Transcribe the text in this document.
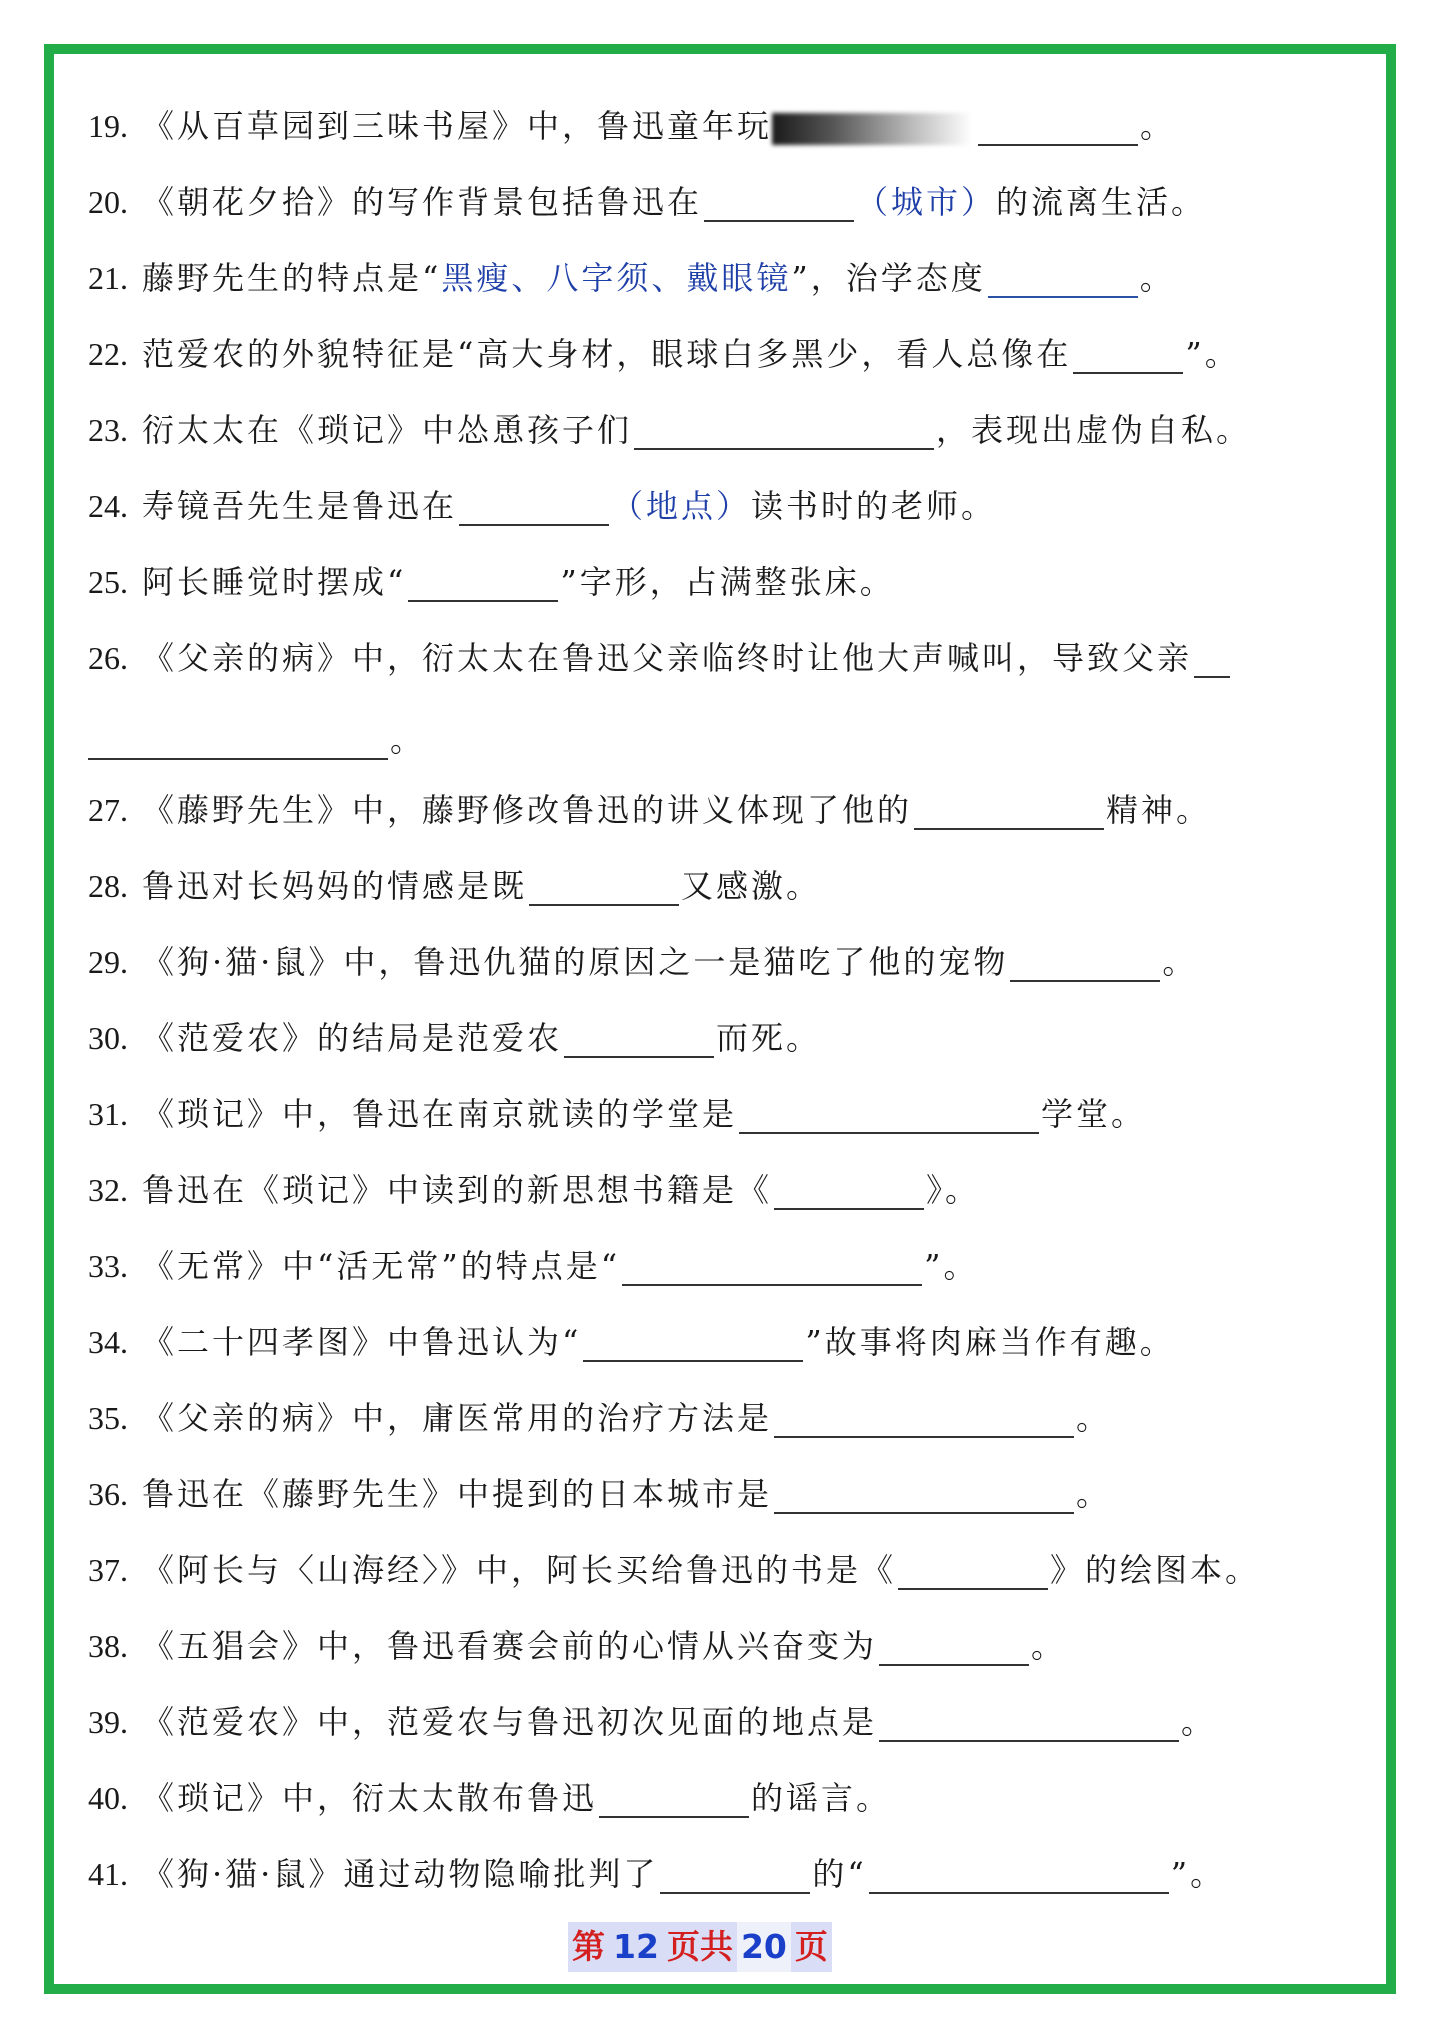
19. 《从百草园到三味书屋》中，鲁迅童年玩	。
20. 《朝花夕拾》的写作背景包括鲁迅在	（城市）的流离生活。
21. 藤野先生的特点是“黑瘦、八字须、戴眼镜”，治学态度	。
22. 范爱农的外貌特征是“高大身材，眼球白多黑少，看人总像在	”。
23. 衍太太在《琐记》中怂恿孩子们	，表现出虚伪自私。
24. 寿镜吾先生是鲁迅在	（地点）读书时的老师。
25. 阿长睡觉时摆成“	”字形，占满整张床。
26. 《父亲的病》中，衍太太在鲁迅父亲临终时让他大声喊叫，导致父亲
。
27. 《藤野先生》中，藤野修改鲁迅的讲义体现了他的	精神。
28. 鲁迅对长妈妈的情感是既	又感激。
29. 《狗·猫·鼠》中，鲁迅仇猫的原因之一是猫吃了他的宠物	。
30. 《范爱农》的结局是范爱农	而死。
31. 《琐记》中，鲁迅在南京就读的学堂是	学堂。
32. 鲁迅在《琐记》中读到的新思想书籍是《	》。
33. 《无常》中“活无常”的特点是“	”。
34. 《二十四孝图》中鲁迅认为“	”故事将肉麻当作有趣。
35. 《父亲的病》中，庸医常用的治疗方法是	。
36. 鲁迅在《藤野先生》中提到的日本城市是	。
37. 《阿长与〈山海经〉》中，阿长买给鲁迅的书是《	》的绘图本。
38. 《五猖会》中，鲁迅看赛会前的心情从兴奋变为	。
39. 《范爱农》中，范爱农与鲁迅初次见面的地点是	。
40. 《琐记》中，衍太太散布鲁迅	的谣言。
41. 《狗·猫·鼠》通过动物隐喻批判了	的“	”。
第 12 页共 20 页
